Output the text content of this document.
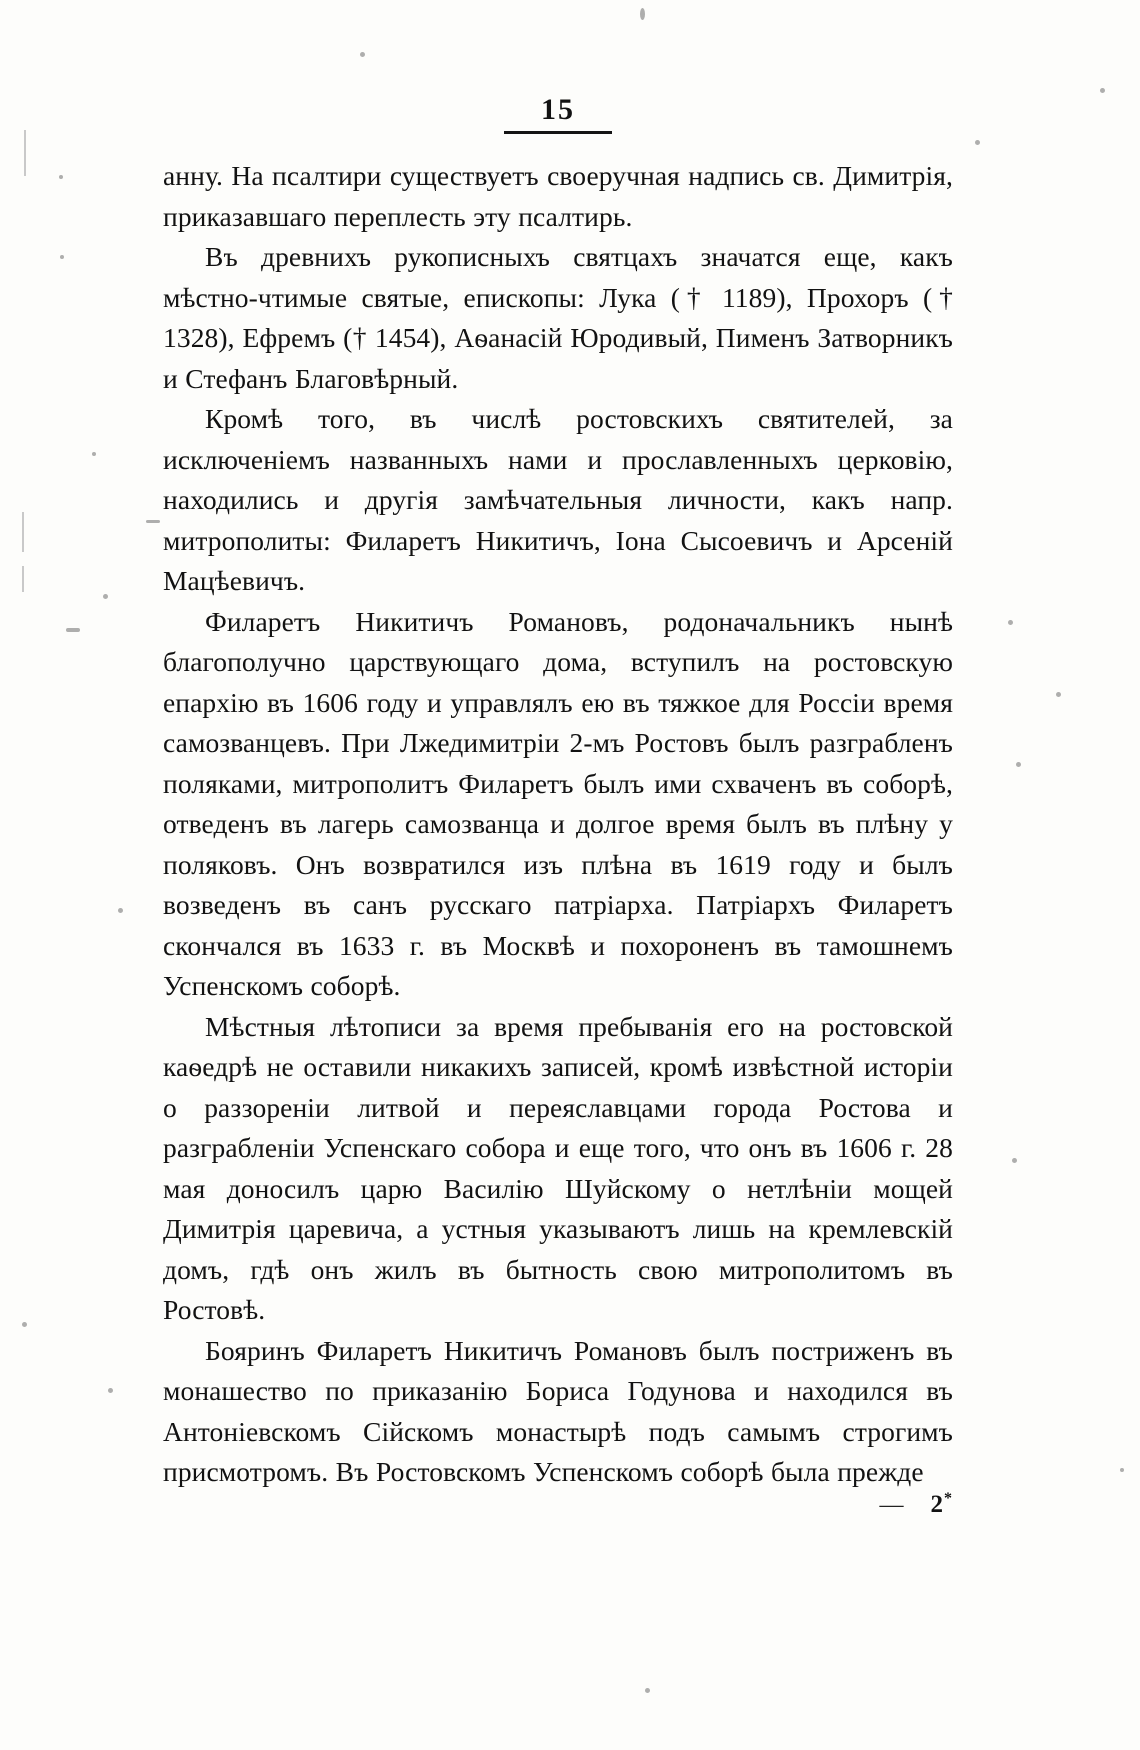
15

анну. На псалтири существуетъ своеручная надпись св. Димитрія, приказавшаго переплесть эту псалтирь.

Въ древнихъ рукописныхъ святцахъ значатся еще, какъ мѣстно-чтимые святые, епископы: Лука († 1189), Прохоръ († 1328), Ефремъ († 1454), Аѳанасій Юродивый, Пименъ Затворникъ и Стефанъ Благовѣрный.

Кромѣ того, въ числѣ ростовскихъ святителей, за исключеніемъ названныхъ нами и прославленныхъ церковію, находились и другія замѣчательныя личности, какъ напр. митрополиты: Филаретъ Никитичъ, Іона Сысоевичъ и Арсеній Мацѣевичъ.

Филаретъ Никитичъ Романовъ, родоначальникъ нынѣ благополучно царствующаго дома, вступилъ на ростовскую епархію въ 1606 году и управлялъ ею въ тяжкое для Россіи время самозванцевъ. При Лжедимитріи 2-мъ Ростовъ былъ разграбленъ поляками, митрополитъ Филаретъ былъ ими схваченъ въ соборѣ, отведенъ въ лагерь самозванца и долгое время былъ въ плѣну у поляковъ. Онъ возвратился изъ плѣна въ 1619 году и былъ возведенъ въ санъ русскаго патріарха. Патріархъ Филаретъ скончался въ 1633 г. въ Москвѣ и похороненъ въ тамошнемъ Успенскомъ соборѣ.

Мѣстныя лѣтописи за время пребыванія его на ростовской каѳедрѣ не оставили никакихъ записей, кромѣ извѣстной исторіи о раззореніи литвой и переяславцами города Ростова и разграбленіи Успенскаго собора и еще того, что онъ въ 1606 г. 28 мая доносилъ царю Василію Шуйскому о нетлѣніи мощей Димитрія царевича, а устныя указываютъ лишь на кремлевскій домъ, гдѣ онъ жилъ въ бытность свою митрополитомъ въ Ростовѣ.

Бояринъ Филаретъ Никитичъ Романовъ былъ постриженъ въ монашество по приказанію Бориса Годунова и находился въ Антоніевскомъ Сійскомъ монастырѣ подъ самымъ строгимъ присмотромъ. Въ Ростовскомъ Успенскомъ соборѣ была прежде

— 2*
